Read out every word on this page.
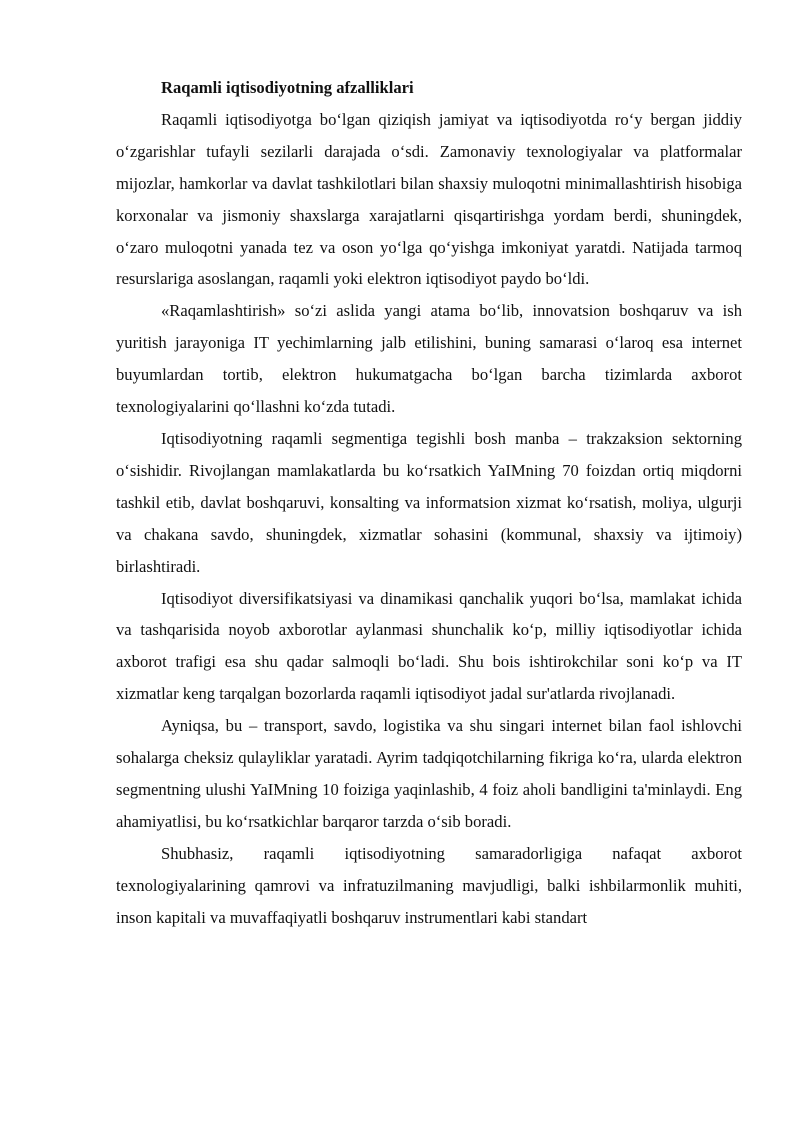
Raqamli iqtisodiyotning afzalliklari

Raqamli iqtisodiyotga bo‘lgan qiziqish jamiyat va iqtisodiyotda ro‘y bergan jiddiy o‘zgarishlar tufayli sezilarli darajada o‘sdi. Zamonaviy texnologiyalar va platformalar mijozlar, hamkorlar va davlat tashkilotlari bilan shaxsiy muloqotni minimallashtirish hisobiga korxonalar va jismoniy shaxslarga xarajatlarni qisqartirishga yordam berdi, shuningdek, o‘zaro muloqotni yanada tez va oson yo‘lga qo‘yishga imkoniyat yaratdi. Natijada tarmoq resurslariga asoslangan, raqamli yoki elektron iqtisodiyot paydo bo‘ldi.

«Raqamlashtirish» so‘zi aslida yangi atama bo‘lib, innovatsion boshqaruv va ish yuritish jarayoniga IT yechimlarning jalb etilishini, buning samarasi o‘laroq esa internet buyumlardan tortib, elektron hukumatgacha bo‘lgan barcha tizimlarda axborot texnologiyalarini qo‘llashni ko‘zda tutadi.

Iqtisodiyotning raqamli segmentiga tegishli bosh manba – trakzaksion sektorning o‘sishidir. Rivojlangan mamlakatlarda bu ko‘rsatkich YaIMning 70 foizdan ortiq miqdorni tashkil etib, davlat boshqaruvi, konsalting va informatsion xizmat ko‘rsatish, moliya, ulgurji va chakana savdo, shuningdek, xizmatlar sohasini (kommunal, shaxsiy va ijtimoiy) birlashtiradi.

Iqtisodiyot diversifikatsiyasi va dinamikasi qanchalik yuqori bo‘lsa, mamlakat ichida va tashqarisida noyob axborotlar aylanmasi shunchalik ko‘p, milliy iqtisodiyotlar ichida axborot trafigi esa shu qadar salmoqli bo‘ladi. Shu bois ishtirokchilar soni ko‘p va IT xizmatlar keng tarqalgan bozorlarda raqamli iqtisodiyot jadal sur'atlarda rivojlanadi.

Ayniqsa, bu – transport, savdo, logistika va shu singari internet bilan faol ishlovchi sohalarga cheksiz qulayliklar yaratadi. Ayrim tadqiqotchilarning fikriga ko‘ra, ularda elektron segmentning ulushi YaIMning 10 foiziga yaqinlashib, 4 foiz aholi bandligini ta'minlaydi. Eng ahamiyatlisi, bu ko‘rsatkichlar barqaror tarzda o‘sib boradi.

Shubhasiz, raqamli iqtisodiyotning samaradorligiga nafaqat axborot texnologiyalarining qamrovi va infratuzilmaning mavjudligi, balki ishbilarmonlik muhiti, inson kapitali va muvaffaqiyatli boshqaruv instrumentlari kabi standart
